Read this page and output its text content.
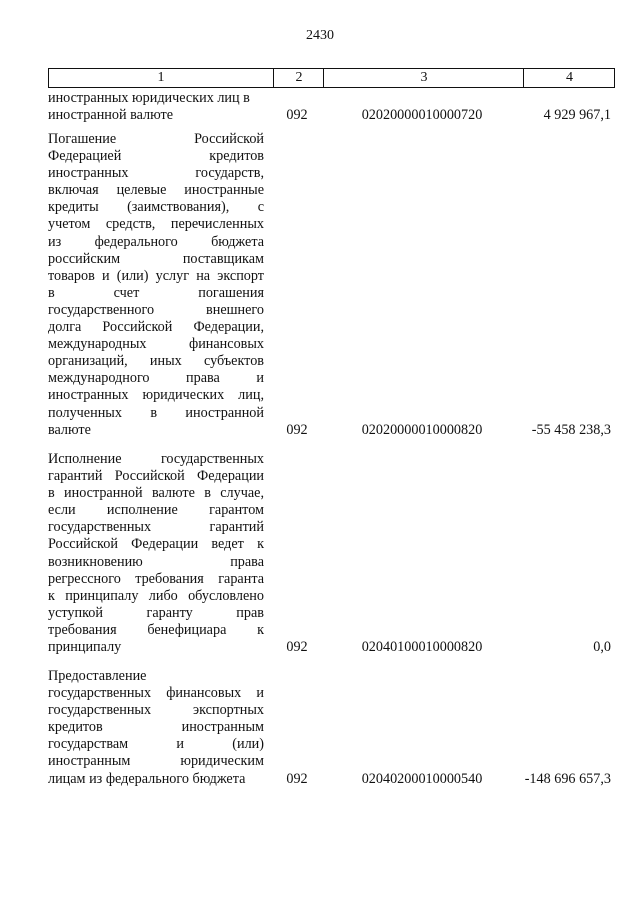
2430
1	2	3	4
иностранных юридических лиц в
иностранной валюте	092	02020000010000720	4 929 967,1
Погашение Российской
Федерацией кредитов
иностранных государств,
включая целевые иностранные
кредиты (заимствования), с
учетом средств, перечисленных
из федерального бюджета
российским поставщикам
товаров и (или) услуг на экспорт
в счет погашения
государственного внешнего
долга Российской Федерации,
международных финансовых
организаций, иных субъектов
международного права и
иностранных юридических лиц,
полученных в иностранной
валюте	092	02020000010000820	-55 458 238,3
Исполнение государственных
гарантий Российской Федерации
в иностранной валюте в случае,
если исполнение гарантом
государственных гарантий
Российской Федерации ведет к
возникновению права
регрессного требования гаранта
к принципалу либо обусловлено
уступкой гаранту прав
требования бенефициара к
принципалу	092	02040100010000820	0,0
Предоставление
государственных финансовых и
государственных экспортных
кредитов иностранным
государствам и (или)
иностранным юридическим
лицам из федерального бюджета	092	02040200010000540	-148 696 657,3
